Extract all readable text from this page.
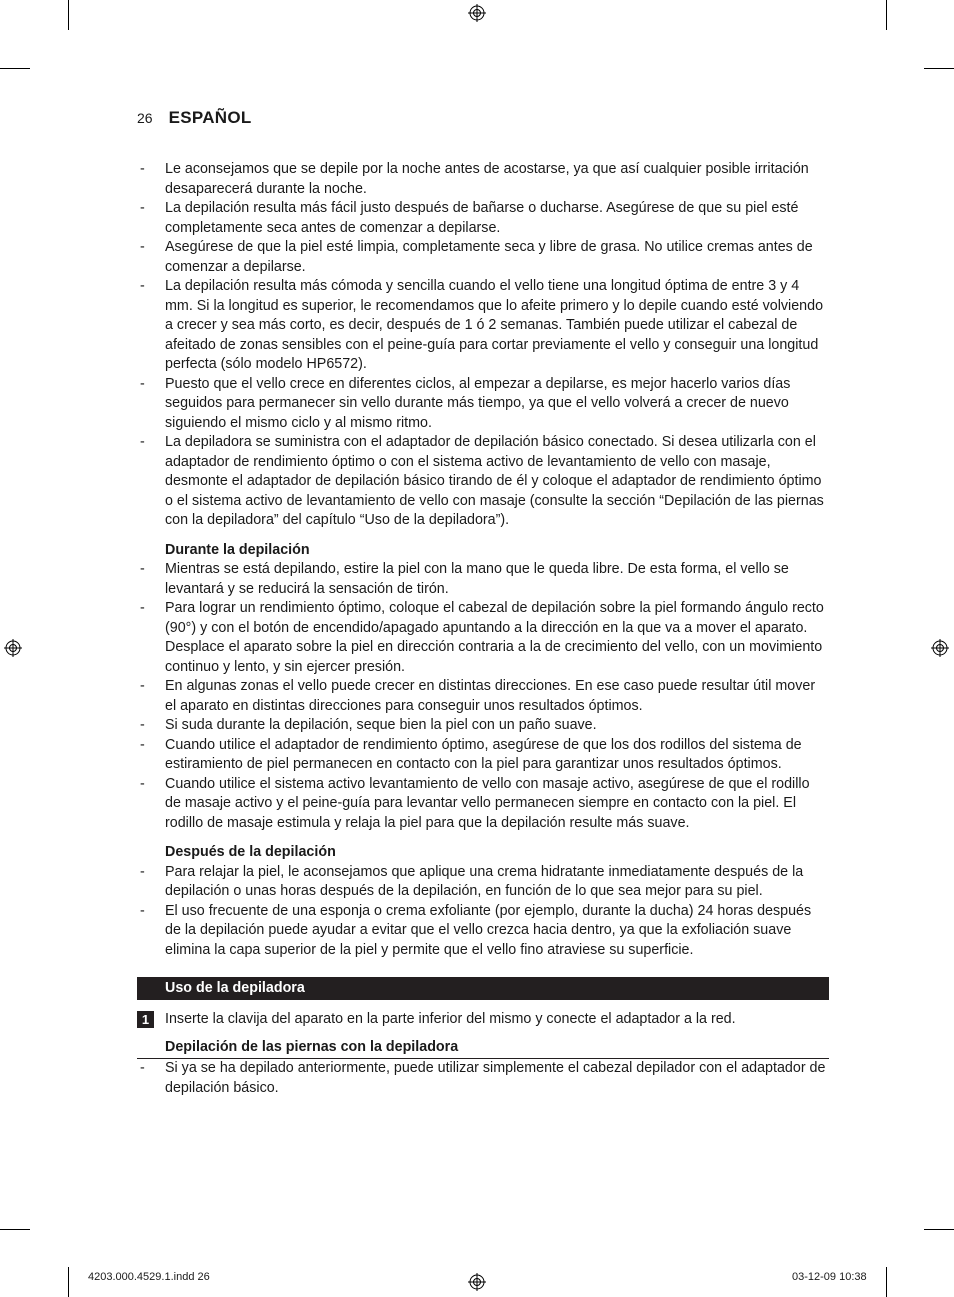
26 ESPAÑOL
- Le aconsejamos que se depile por la noche antes de acostarse, ya que así cualquier posible irritación desaparecerá durante la noche.
- La depilación resulta más fácil justo después de bañarse o ducharse. Asegúrese de que su piel esté completamente seca antes de comenzar a depilarse.
- Asegúrese de que la piel esté limpia, completamente seca y libre de grasa. No utilice cremas antes de comenzar a depilarse.
- La depilación resulta más cómoda y sencilla cuando el vello tiene una longitud óptima de entre 3 y 4 mm. Si la longitud es superior, le recomendamos que lo afeite primero y lo depile cuando esté volviendo a crecer y sea más corto, es decir, después de 1 ó 2 semanas. También puede utilizar el cabezal de afeitado de zonas sensibles con el peine-guía para cortar previamente el vello y conseguir una longitud perfecta (sólo modelo HP6572).
- Puesto que el vello crece en diferentes ciclos, al empezar a depilarse, es mejor hacerlo varios días seguidos para permanecer sin vello durante más tiempo, ya que el vello volverá a crecer de nuevo siguiendo el mismo ciclo y al mismo ritmo.
- La depiladora se suministra con el adaptador de depilación básico conectado. Si desea utilizarla con el adaptador de rendimiento óptimo o con el sistema activo de levantamiento de vello con masaje, desmonte el adaptador de depilación básico tirando de él y coloque el adaptador de rendimiento óptimo o el sistema activo de levantamiento de vello con masaje (consulte la sección “Depilación de las piernas con la depiladora” del capítulo “Uso de la depiladora”).
Durante la depilación
- Mientras se está depilando, estire la piel con la mano que le queda libre. De esta forma, el vello se levantará y se reducirá la sensación de tirón.
- Para lograr un rendimiento óptimo, coloque el cabezal de depilación sobre la piel formando ángulo recto (90°) y con el botón de encendido/apagado apuntando a la dirección en la que va a mover el aparato. Desplace el aparato sobre la piel en dirección contraria a la de crecimiento del vello, con un movimiento continuo y lento, y sin ejercer presión.
- En algunas zonas el vello puede crecer en distintas direcciones. En ese caso puede resultar útil mover el aparato en distintas direcciones para conseguir unos resultados óptimos.
- Si suda durante la depilación, seque bien la piel con un paño suave.
- Cuando utilice el adaptador de rendimiento óptimo, asegúrese de que los dos rodillos del sistema de estiramiento de piel permanecen en contacto con la piel para garantizar unos resultados óptimos.
- Cuando utilice el sistema activo levantamiento de vello con masaje activo, asegúrese de que el rodillo de masaje activo y el peine-guía para levantar vello permanecen siempre en contacto con la piel. El rodillo de masaje estimula y relaja la piel para que la depilación resulte más suave.
Después de la depilación
- Para relajar la piel, le aconsejamos que aplique una crema hidratante inmediatamente después de la depilación o unas horas después de la depilación, en función de lo que sea mejor para su piel.
- El uso frecuente de una esponja o crema exfoliante (por ejemplo, durante la ducha) 24 horas después de la depilación puede ayudar a evitar que el vello crezca hacia dentro, ya que la exfoliación suave elimina la capa superior de la piel y permite que el vello fino atraviese su superficie.
Uso de la depiladora
1	Inserte la clavija del aparato en la parte inferior del mismo y conecte el adaptador a la red.
Depilación de las piernas con la depiladora
- Si ya se ha depilado anteriormente, puede utilizar simplemente el cabezal depilador con el adaptador de depilación básico.
4203.000.4529.1.indd 26	03-12-09 10:38
